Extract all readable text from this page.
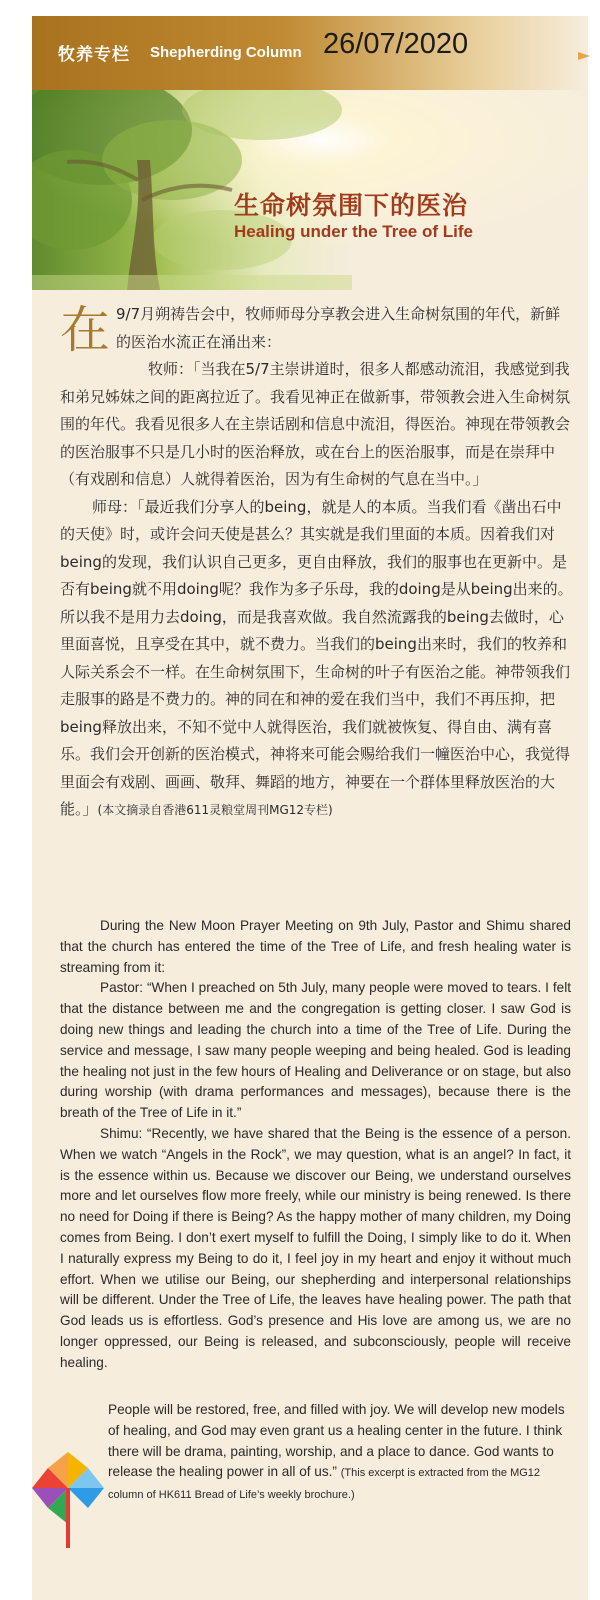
牧养专栏 Shepherding Column 26/07/2020
生命树氛围下的医治
Healing under the Tree of Life
在 9/7月朔祷告会中，牧师师母分享教会进入生命树氛围的年代，新鲜的医治水流正在涌出来：

牧师：「当我在5/7主崇讲道时，很多人都感动流泪，我感觉到我和弟兄姊妹之间的距离拉近了。我看见神正在做新事，带领教会进入生命树氛围的年代。我看见很多人在主崇话剧和信息中流泪，得医治。神现在带领教会的医治服事不只是几小时的医治释放，或在台上的医治服事，而是在崇拜中（有戏剧和信息）人就得着医治，因为有生命树的气息在当中。」

师母：「最近我们分享人的being，就是人的本质。当我们看《凿出石中的天使》时，或许会问天使是甚么？其实就是我们里面的本质。因着我们对being的发现，我们认识自己更多，更自由释放，我们的服事也在更新中。是否有being就不用doing呢？我作为多子乐母，我的doing是从being出来的。所以我不是用力去doing，而是我喜欢做。我自然流露我的being去做时，心里面喜悦，且享受在其中，就不费力。当我们的being出来时，我们的牧养和人际关系会不一样。在生命树氛围下，生命树的叶子有医治之能。神带领我们走服事的路是不费力的。神的同在和神的爱在我们当中，我们不再压抑，把being释放出来，不知不觉中人就得医治，我们就被恢复、得自由、满有喜乐。我们会开创新的医治模式，神将来可能会赐给我们一幢医治中心，我觉得里面会有戏剧、画画、敬拜、舞蹈的地方，神要在一个群体里释放医治的大能。」(本文摘录自香港611灵粮堂周刊MG12专栏)

During the New Moon Prayer Meeting on 9th July, Pastor and Shimu shared that the church has entered the time of the Tree of Life, and fresh healing water is streaming from it:

Pastor: “When I preached on 5th July, many people were moved to tears. I felt that the distance between me and the congregation is getting closer. I saw God is doing new things and leading the church into a time of the Tree of Life. During the service and message, I saw many people weeping and being healed. God is leading the healing not just in the few hours of Healing and Deliverance or on stage, but also during worship (with drama performances and messages), because there is the breath of the Tree of Life in it.”

Shimu: “Recently, we have shared that the Being is the essence of a person. When we watch “Angels in the Rock”, we may question, what is an angel? In fact, it is the essence within us. Because we discover our Being, we understand ourselves more and let ourselves flow more freely, while our ministry is being renewed. Is there no need for Doing if there is Being? As the happy mother of many children, my Doing comes from Being. I don’t exert myself to fulfill the Doing, I simply like to do it. When I naturally express my Being to do it, I feel joy in my heart and enjoy it without much effort. When we utilise our Being, our shepherding and interpersonal relationships will be different. Under the Tree of Life, the leaves have healing power. The path that God leads us is effortless. God’s presence and His love are among us, we are no longer oppressed, our Being is released, and subconsciously, people will receive healing.

People will be restored, free, and filled with joy. We will develop new models of healing, and God may even grant us a healing center in the future. I think there will be drama, painting, worship, and a place to dance. God wants to release the healing power in all of us.” (This excerpt is extracted from the MG12 column of HK611 Bread of Life’s weekly brochure.)
